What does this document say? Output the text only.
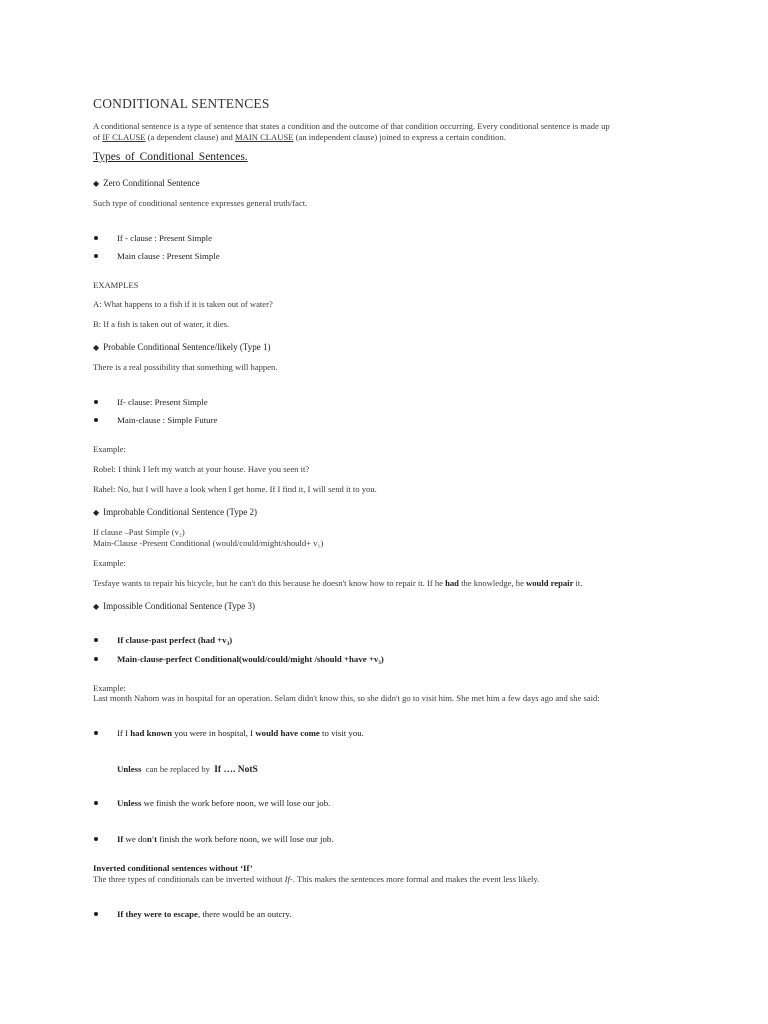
CONDITIONAL SENTENCES
A conditional sentence is a type of sentence that states a condition and the outcome of that condition occurring. Every conditional sentence is made up
of IF CLAUSE (a dependent clause) and MAIN CLAUSE (an independent clause) joined to express a certain condition.
Types of Conditional Sentences.
◆ Zero Conditional Sentence
Such type of conditional sentence expresses general truth/fact.
If - clause : Present Simple
Main clause : Present Simple
EXAMPLES
A: What happens to a fish if it is taken out of water?
B: If a fish is taken out of water, it dies.
◆ Probable Conditional Sentence/likely (Type 1)
There is a real possibility that something will happen.
If- clause: Present Simple
Main-clause : Simple Future
Example:
Robel: I think I left my watch at your house. Have you seen it?
Rahel: No, but I will have a look when I get home. If I find it, I will send it to you.
◆ Improbable Conditional Sentence (Type 2)
If clause –Past Simple (v₂)
Main-Clause -Present Conditional (would/could/might/should+ v₁)
Example:
Tesfaye wants to repair his bicycle, but he can't do this because he doesn't know how to repair it. If he had the knowledge, he would repair it.
◆ Impossible Conditional Sentence (Type 3)
If clause-past perfect (had +v₃)
Main-clause-perfect Conditional(would/could/might /should +have +v₃)
Example:
Last month Nahom was in hospital for an operation. Selam didn't know this, so she didn't go to visit him. She met him a few days ago and she said:
If I had known you were in hospital, I would have come to visit you.
Unless  can be replaced by  If …. NotS
Unless we finish the work before noon, we will lose our job.
If we don't finish the work before noon, we will lose our job.
Inverted conditional sentences without ‘If’
The three types of conditionals can be inverted without If-. This makes the sentences more formal and makes the event less likely.
If they were to escape, there would be an outcry.
